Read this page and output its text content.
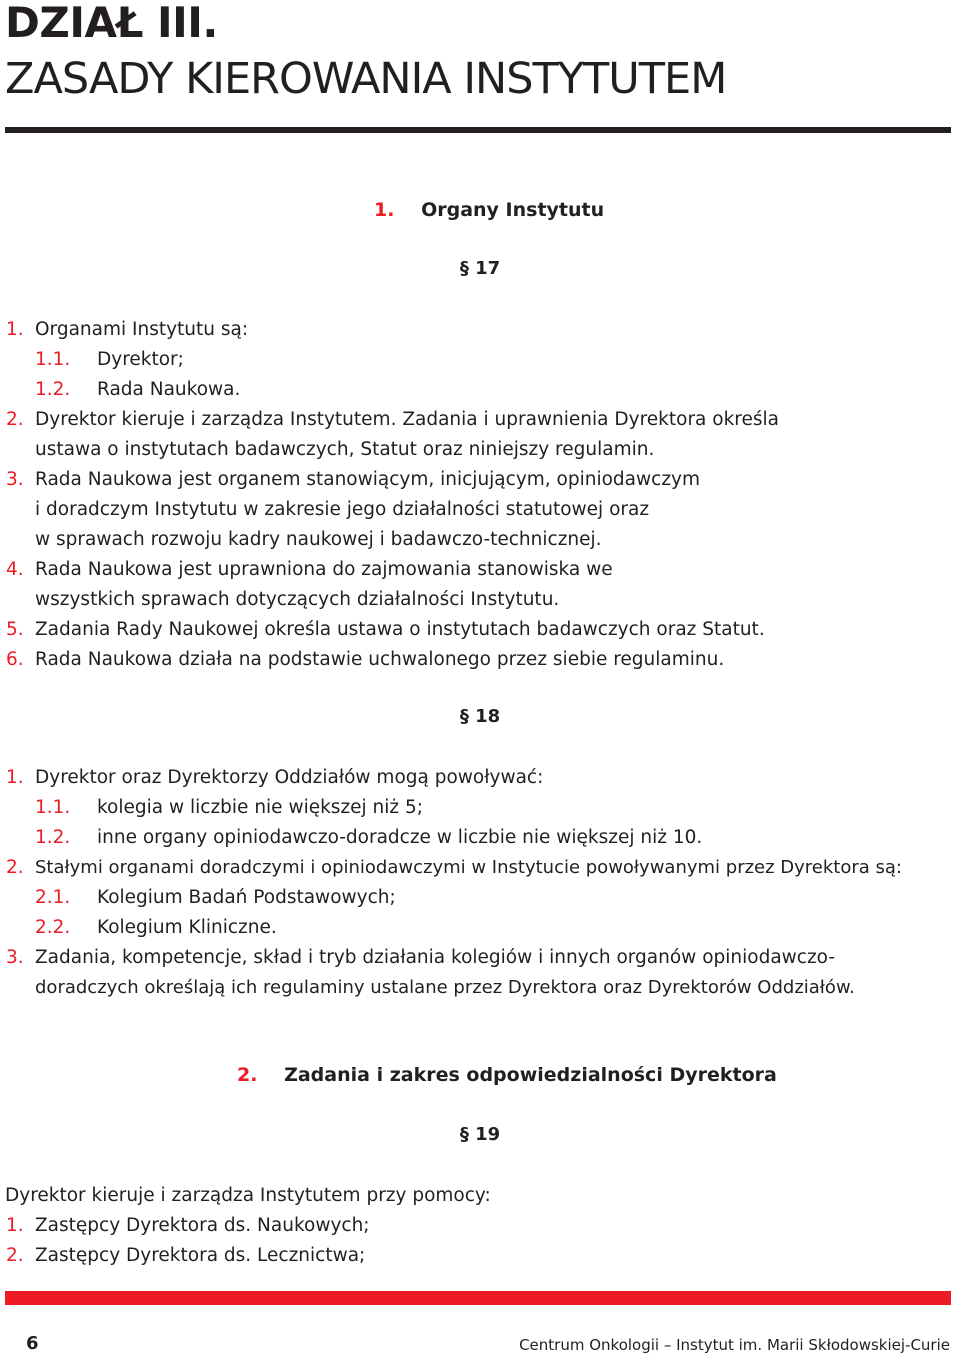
DZIAŁ III.
ZASADY KIEROWANIA INSTYTUTEM
1. Organy Instytutu
§ 17
1. Organami Instytutu są:
1.1. Dyrektor;
1.2. Rada Naukowa.
2. Dyrektor kieruje i zarządza Instytutem. Zadania i uprawnienia Dyrektora określa
ustawa o instytutach badawczych, Statut oraz niniejszy regulamin.
3. Rada Naukowa jest organem stanowiącym, inicjującym, opiniodawczym
i doradczym Instytutu w zakresie jego działalności statutowej oraz
w sprawach rozwoju kadry naukowej i badawczo-technicznej.
4. Rada Naukowa jest uprawniona do zajmowania stanowiska we
wszystkich sprawach dotyczących działalności Instytutu.
5. Zadania Rady Naukowej określa ustawa o instytutach badawczych oraz Statut.
6. Rada Naukowa działa na podstawie uchwalonego przez siebie regulaminu.
§ 18
1. Dyrektor oraz Dyrektorzy Oddziałów mogą powoływać:
1.1. kolegia w liczbie nie większej niż 5;
1.2. inne organy opiniodawczo-doradcze w liczbie nie większej niż 10.
2. Stałymi organami doradczymi i opiniodawczymi w Instytucie powoływanymi przez Dyrektora są:
2.1. Kolegium Badań Podstawowych;
2.2. Kolegium Kliniczne.
3. Zadania, kompetencje, skład i tryb działania kolegiów i innych organów opiniodawczo-
doradczych określają ich regulaminy ustalane przez Dyrektora oraz Dyrektorów Oddziałów.
2. Zadania i zakres odpowiedzialności Dyrektora
§ 19
Dyrektor kieruje i zarządza Instytutem przy pomocy:
1. Zastępcy Dyrektora ds. Naukowych;
2. Zastępcy Dyrektora ds. Lecznictwa;
6	Centrum Onkologii – Instytut im. Marii Skłodowskiej-Curie
